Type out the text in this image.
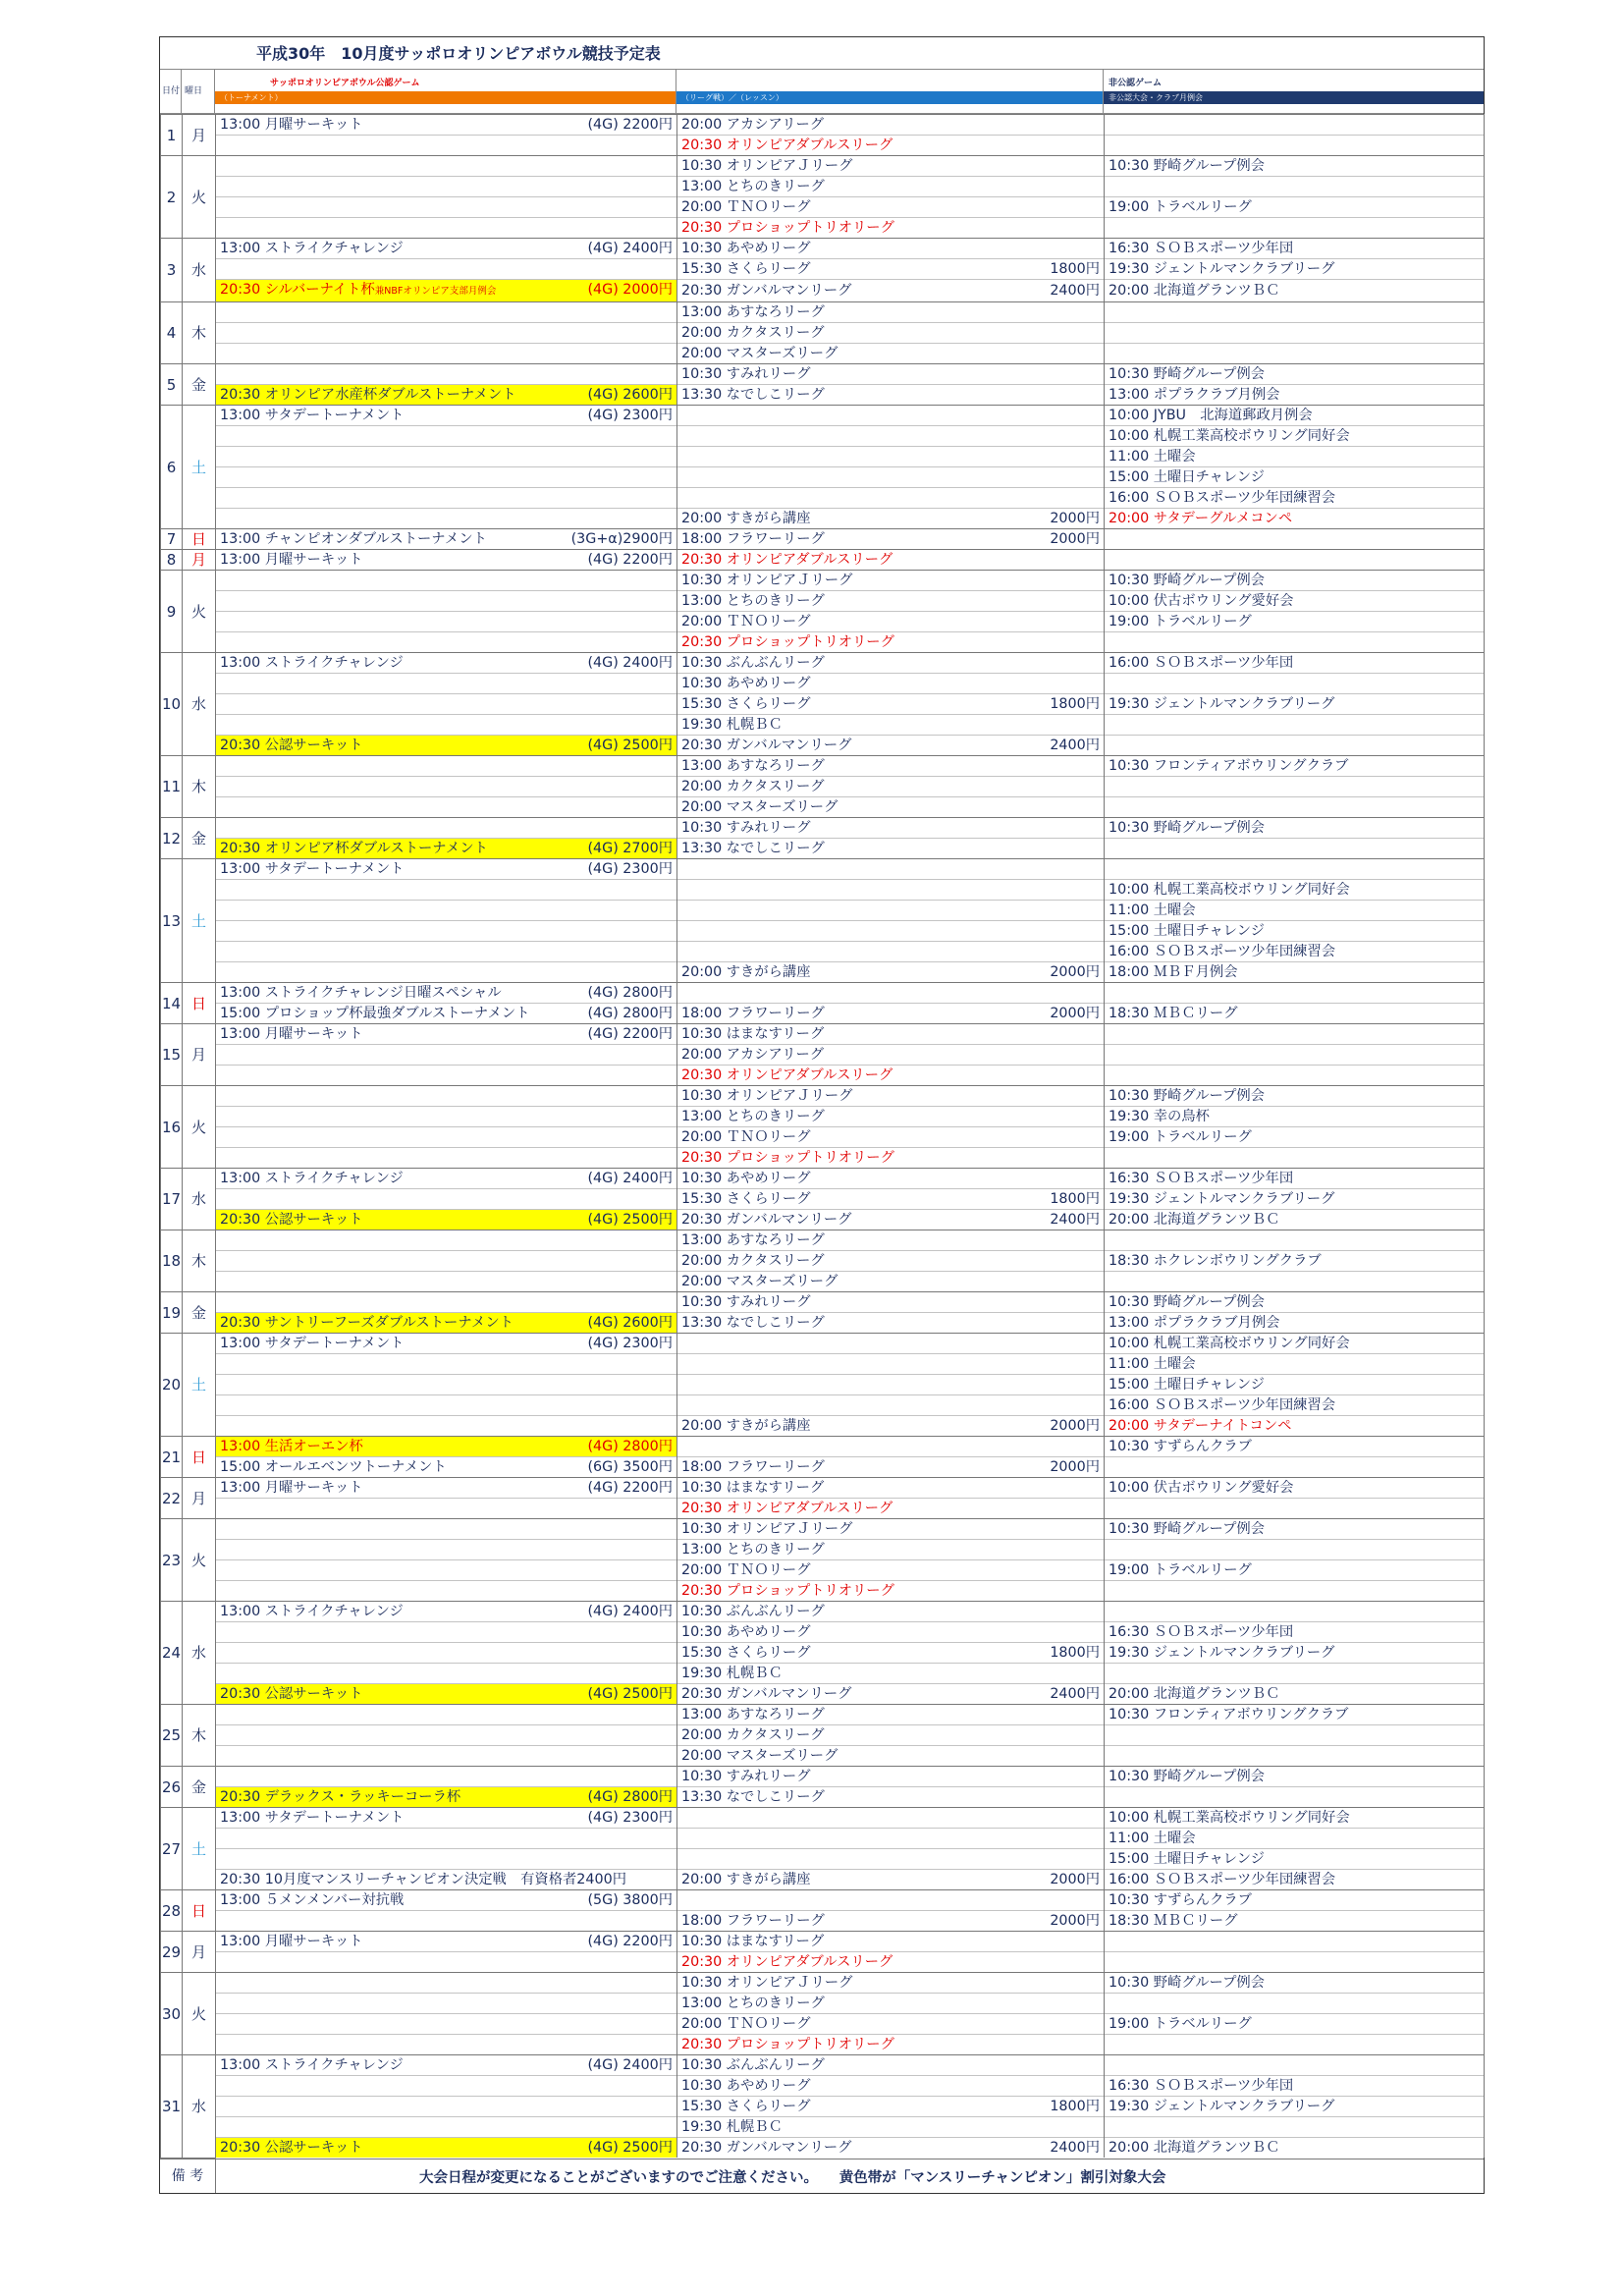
平成30年　10月度サッポロオリンピアボウル競技予定表
日付 曜日
サッポロオリンピアボウル公認ゲーム
（トーナメント）	（リーグ戦）／（レッスン）
非公認ゲーム
非公認大会・クラブ月例会
1	月	13:00 月曜サーキット (4G) 2200円	20:00 アカシアリーグ	
			20:30 オリンピアダブルスリーグ	
2	火		10:30 オリンピアＪリーグ	10:30 野崎グループ例会
			13:00 とちのきリーグ	
			20:00 ＴＮＯリーグ	19:00 トラベルリーグ
			20:30 プロショップトリオリーグ	
3	水	13:00 ストライクチャレンジ (4G) 2400円	10:30 あやめリーグ	16:30 ＳＯＢスポーツ少年団
			15:30 さくらリーグ 1800円	19:30 ジェントルマンクラブリーグ
		20:30 シルバーナイト杯兼NBFオリンピア支部月例会 (4G) 2000円	20:30 ガンバルマンリーグ 2400円	20:00 北海道グランツＢＣ
4	木		13:00 あすなろリーグ	
			20:00 カクタスリーグ	
			20:00 マスターズリーグ	
5	金		10:30 すみれリーグ	10:30 野崎グループ例会
		20:30 オリンピア水産杯ダブルストーナメント (4G) 2600円	13:30 なでしこリーグ	13:00 ポプラクラブ月例会
6	土	13:00 サタデートーナメント (4G) 2300円		10:00 JYBU　北海道郵政月例会
				10:00 札幌工業高校ボウリング同好会
				11:00 土曜会
				15:00 土曜日チャレンジ
				16:00 ＳＯＢスポーツ少年団練習会
			20:00 すきがら講座 2000円	20:00 サタデーグルメコンペ
7	日	13:00 チャンピオンダブルストーナメント (3G+α)2900円	18:00 フラワーリーグ 2000円	

8	月	13:00 月曜サーキット (4G) 2200円	20:30 オリンピアダブルスリーグ	
9	火		10:30 オリンピアＪリーグ	10:30 野崎グループ例会
			13:00 とちのきリーグ	10:00 伏古ボウリング愛好会
			20:00 ＴＮＯリーグ	19:00 トラベルリーグ
			20:30 プロショップトリオリーグ	
10	水	13:00 ストライクチャレンジ (4G) 2400円	10:30 ぶんぶんリーグ	16:00 ＳＯＢスポーツ少年団
			10:30 あやめリーグ	
			15:30 さくらリーグ 1800円	19:30 ジェントルマンクラブリーグ
			19:30 札幌ＢＣ	
		20:30 公認サーキット (4G) 2500円	20:30 ガンバルマンリーグ 2400円	

11	木		13:00 あすなろリーグ	10:30 フロンティアボウリングクラブ
			20:00 カクタスリーグ	
			20:00 マスターズリーグ	
12	金		10:30 すみれリーグ	10:30 野崎グループ例会
		20:30 オリンピア杯ダブルストーナメント (4G) 2700円	13:30 なでしこリーグ	
13	土	13:00 サタデートーナメント (4G) 2300円		

				10:00 札幌工業高校ボウリング同好会
				11:00 土曜会
				15:00 土曜日チャレンジ
				16:00 ＳＯＢスポーツ少年団練習会
			20:00 すきがら講座 2000円	18:00 ＭＢＦ月例会
14	日	13:00 ストライクチャレンジ日曜スペシャル (4G) 2800円		

		15:00 プロショップ杯最強ダブルストーナメント (4G) 2800円	18:00 フラワーリーグ 2000円	18:30 ＭＢＣリーグ
15	月	13:00 月曜サーキット (4G) 2200円	10:30 はまなすリーグ	
			20:00 アカシアリーグ	
			20:30 オリンピアダブルスリーグ	
16	火		10:30 オリンピアＪリーグ	10:30 野崎グループ例会
			13:00 とちのきリーグ	19:30 幸の鳥杯
			20:00 ＴＮＯリーグ	19:00 トラベルリーグ
			20:30 プロショップトリオリーグ	
17	水	13:00 ストライクチャレンジ (4G) 2400円	10:30 あやめリーグ	16:30 ＳＯＢスポーツ少年団
			15:30 さくらリーグ 1800円	19:30 ジェントルマンクラブリーグ
		20:30 公認サーキット (4G) 2500円	20:30 ガンバルマンリーグ 2400円	20:00 北海道グランツＢＣ
18	木		13:00 あすなろリーグ	
			20:00 カクタスリーグ	18:30 ホクレンボウリングクラブ
			20:00 マスターズリーグ	
19	金		10:30 すみれリーグ	10:30 野崎グループ例会
		20:30 サントリーフーズダブルストーナメント (4G) 2600円	13:30 なでしこリーグ	13:00 ポプラクラブ月例会
20	土	13:00 サタデートーナメント (4G) 2300円		10:00 札幌工業高校ボウリング同好会
				11:00 土曜会
				15:00 土曜日チャレンジ
				16:00 ＳＯＢスポーツ少年団練習会
			20:00 すきがら講座 2000円	20:00 サタデーナイトコンペ
21	日	13:00 生活オーエン杯 (4G) 2800円		10:30 すずらんクラブ
		15:00 オールエベンツトーナメント (6G) 3500円	18:00 フラワーリーグ 2000円	

22	月	13:00 月曜サーキット (4G) 2200円	10:30 はまなすリーグ	10:00 伏古ボウリング愛好会
			20:30 オリンピアダブルスリーグ	
23	火		10:30 オリンピアＪリーグ	10:30 野崎グループ例会
			13:00 とちのきリーグ	
			20:00 ＴＮＯリーグ	19:00 トラベルリーグ
			20:30 プロショップトリオリーグ	
24	水	13:00 ストライクチャレンジ (4G) 2400円	10:30 ぶんぶんリーグ	
			10:30 あやめリーグ	16:30 ＳＯＢスポーツ少年団
			15:30 さくらリーグ 1800円	19:30 ジェントルマンクラブリーグ
			19:30 札幌ＢＣ	
		20:30 公認サーキット (4G) 2500円	20:30 ガンバルマンリーグ 2400円	20:00 北海道グランツＢＣ
25	木		13:00 あすなろリーグ	10:30 フロンティアボウリングクラブ
			20:00 カクタスリーグ	
			20:00 マスターズリーグ	
26	金		10:30 すみれリーグ	10:30 野崎グループ例会
		20:30 デラックス・ラッキーコーラ杯 (4G) 2800円	13:30 なでしこリーグ	
27	土	13:00 サタデートーナメント (4G) 2300円		10:00 札幌工業高校ボウリング同好会
				11:00 土曜会
				15:00 土曜日チャレンジ
		20:30 10月度マンスリーチャンピオン決定戦　有資格者2400円	20:00 すきがら講座 2000円	16:00 ＳＯＢスポーツ少年団練習会
28	日	13:00 ５メンメンバー対抗戦 (5G) 3800円		10:30 すずらんクラブ
			18:00 フラワーリーグ 2000円	18:30 ＭＢＣリーグ
29	月	13:00 月曜サーキット (4G) 2200円	10:30 はまなすリーグ	
			20:30 オリンピアダブルスリーグ	
30	火		10:30 オリンピアＪリーグ	10:30 野崎グループ例会
			13:00 とちのきリーグ	
			20:00 ＴＮＯリーグ	19:00 トラベルリーグ
			20:30 プロショップトリオリーグ	
31	水	13:00 ストライクチャレンジ (4G) 2400円	10:30 ぶんぶんリーグ	
			10:30 あやめリーグ	16:30 ＳＯＢスポーツ少年団
			15:30 さくらリーグ 1800円	19:30 ジェントルマンクラブリーグ
			19:30 札幌ＢＣ	
		20:30 公認サーキット (4G) 2500円	20:30 ガンバルマンリーグ 2400円	20:00 北海道グランツＢＣ
備 考	大会日程が変更になることがございますのでご注意ください。　　黄色帯が「マンスリーチャンピオン」割引対象大会
